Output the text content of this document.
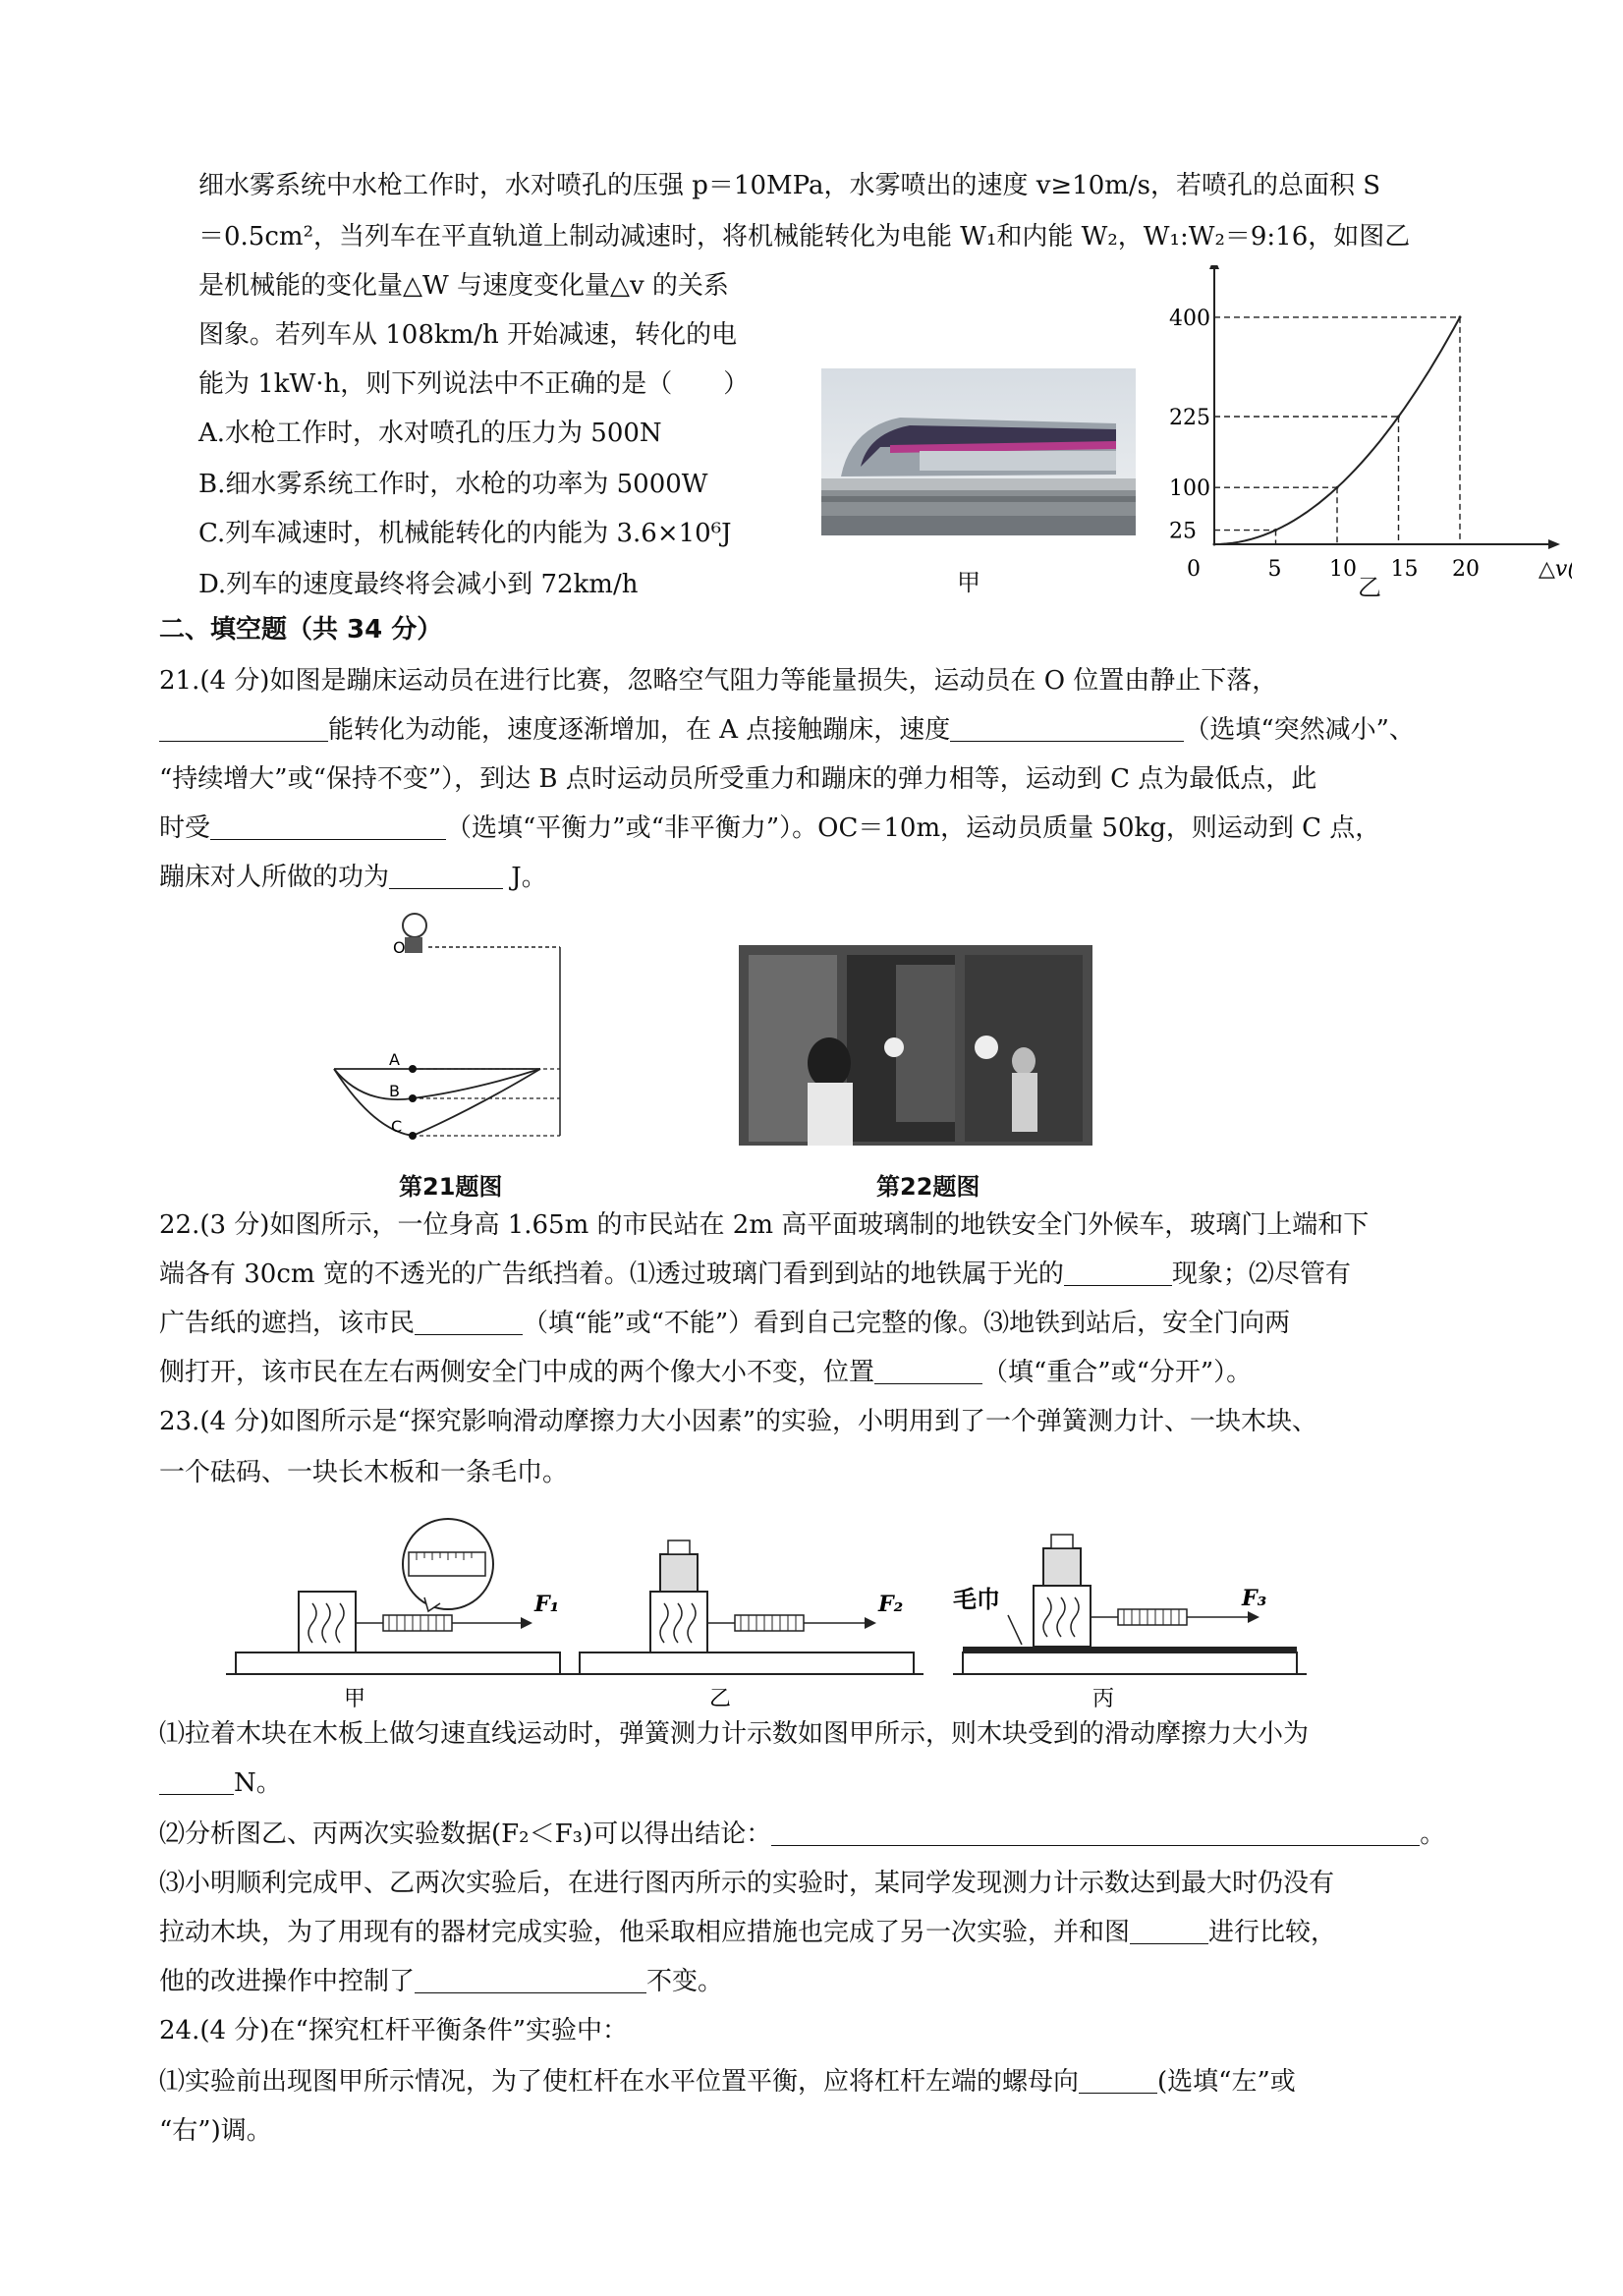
细水雾系统中水枪工作时，水对喷孔的压强 p＝10MPa，水雾喷出的速度 v≥10m/s，若喷孔的总面积 S
＝0.5cm²，当列车在平直轨道上制动减速时，将机械能转化为电能 W₁和内能 W₂，W₁:W₂＝9:16，如图乙
是机械能的变化量△W 与速度变化量△v 的关系
图象。若列车从 108km/h 开始减速，转化的电
能为 1kW·h，则下列说法中不正确的是（　　）
A.水枪工作时，水对喷孔的压力为 500N
B.细水雾系统工作时，水枪的功率为 5000W
C.列车减速时，机械能转化的内能为 3.6×10⁶J
D.列车的速度最终将会减小到 72km/h	甲	△v
0	5 10 15 20
25
100
225
400
乙
二、填空题（共 34 分）
21.(4 分)如图是蹦床运动员在进行比赛，忽略空气阻力等能量损失，运动员在 O 位置由静止下落，
能转化为动能，速度逐渐增加，在 A 点接触蹦床，速度	（选填“突然减小”、
“持续增大”或“保持不变”），到达 B 点时运动员所受重力和蹦床的弹力相等，运动到 C 点为最低点，此
时受	（选填“平衡力”或“非平衡力”）。OC＝10m，运动员质量 50kg，则运动到 C 点，
蹦床对人所做的功为	J。
O
A
B
C
第21题图	第22题图
22.(3 分)如图所示，一位身高 1.65m 的市民站在 2m 高平面玻璃制的地铁安全门外候车，玻璃门上端和下
端各有 30cm 宽的不透光的广告纸挡着。⑴透过玻璃门看到到站的地铁属于光的	现象；⑵尽管有
广告纸的遮挡，该市民	（填“能”或“不能”）看到自己完整的像。⑶地铁到站后，安全门向两
侧打开，该市民在左右两侧安全门中成的两个像大小不变，位置	（填“重合”或“分开”）。
23.(4 分)如图所示是“探究影响滑动摩擦力大小因素”的实验，小明用到了一个弹簧测力计、一块木块、
一个砝码、一块长木板和一条毛巾。
F₁
甲
F₂
乙
毛巾	F₃
丙
⑴拉着木块在木板上做匀速直线运动时，弹簧测力计示数如图甲所示，则木块受到的滑动摩擦力大小为
N。
⑵分析图乙、丙两次实验数据(F₂＜F₃)可以得出结论：	。
⑶小明顺利完成甲、乙两次实验后，在进行图丙所示的实验时，某同学发现测力计示数达到最大时仍没有
拉动木块，为了用现有的器材完成实验，他采取相应措施也完成了另一次实验，并和图	进行比较，
他的改进操作中控制了	不变。
24.(4 分)在“探究杠杆平衡条件”实验中：
⑴实验前出现图甲所示情况，为了使杠杆在水平位置平衡，应将杠杆左端的螺母向	(选填“左”或
“右”)调。
